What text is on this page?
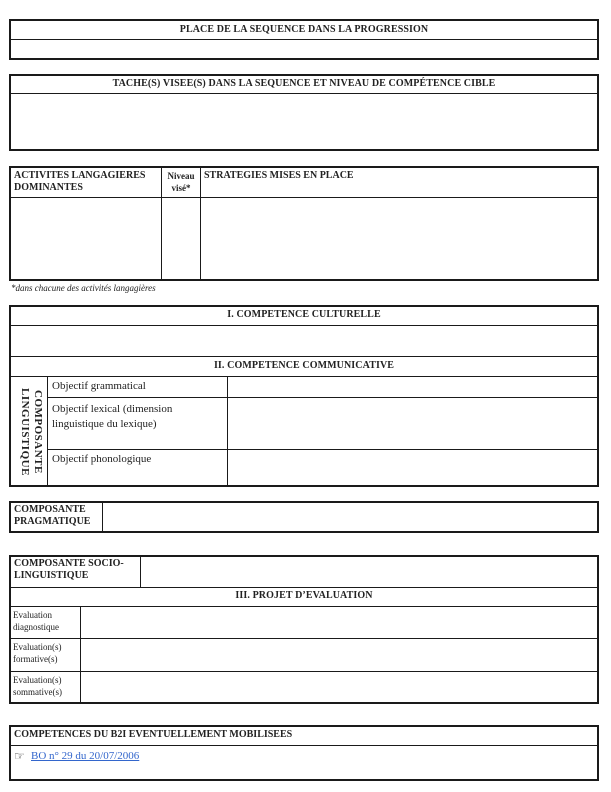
PLACE DE LA SEQUENCE DANS LA PROGRESSION
TACHE(S) VISEE(S) DANS LA SEQUENCE ET NIVEAU DE COMPÉTENCE CIBLE
ACTIVITES LANGAGIERES DOMINANTES
Niveau visé*
STRATEGIES MISES EN PLACE
*dans chacune des activités langagières
I. COMPETENCE CULTURELLE
II. COMPETENCE COMMUNICATIVE
COMPOSANTE LINGUISTIQUE
Objectif grammatical
Objectif lexical (dimension linguistique du lexique)
Objectif phonologique
COMPOSANTE PRAGMATIQUE
COMPOSANTE SOCIO-LINGUISTIQUE
III. PROJET D’EVALUATION
Evaluation diagnostique
Evaluation(s) formative(s)
Evaluation(s) sommative(s)
COMPETENCES DU B2I EVENTUELLEMENT MOBILISEES
☞ BO n° 29 du 20/07/2006
